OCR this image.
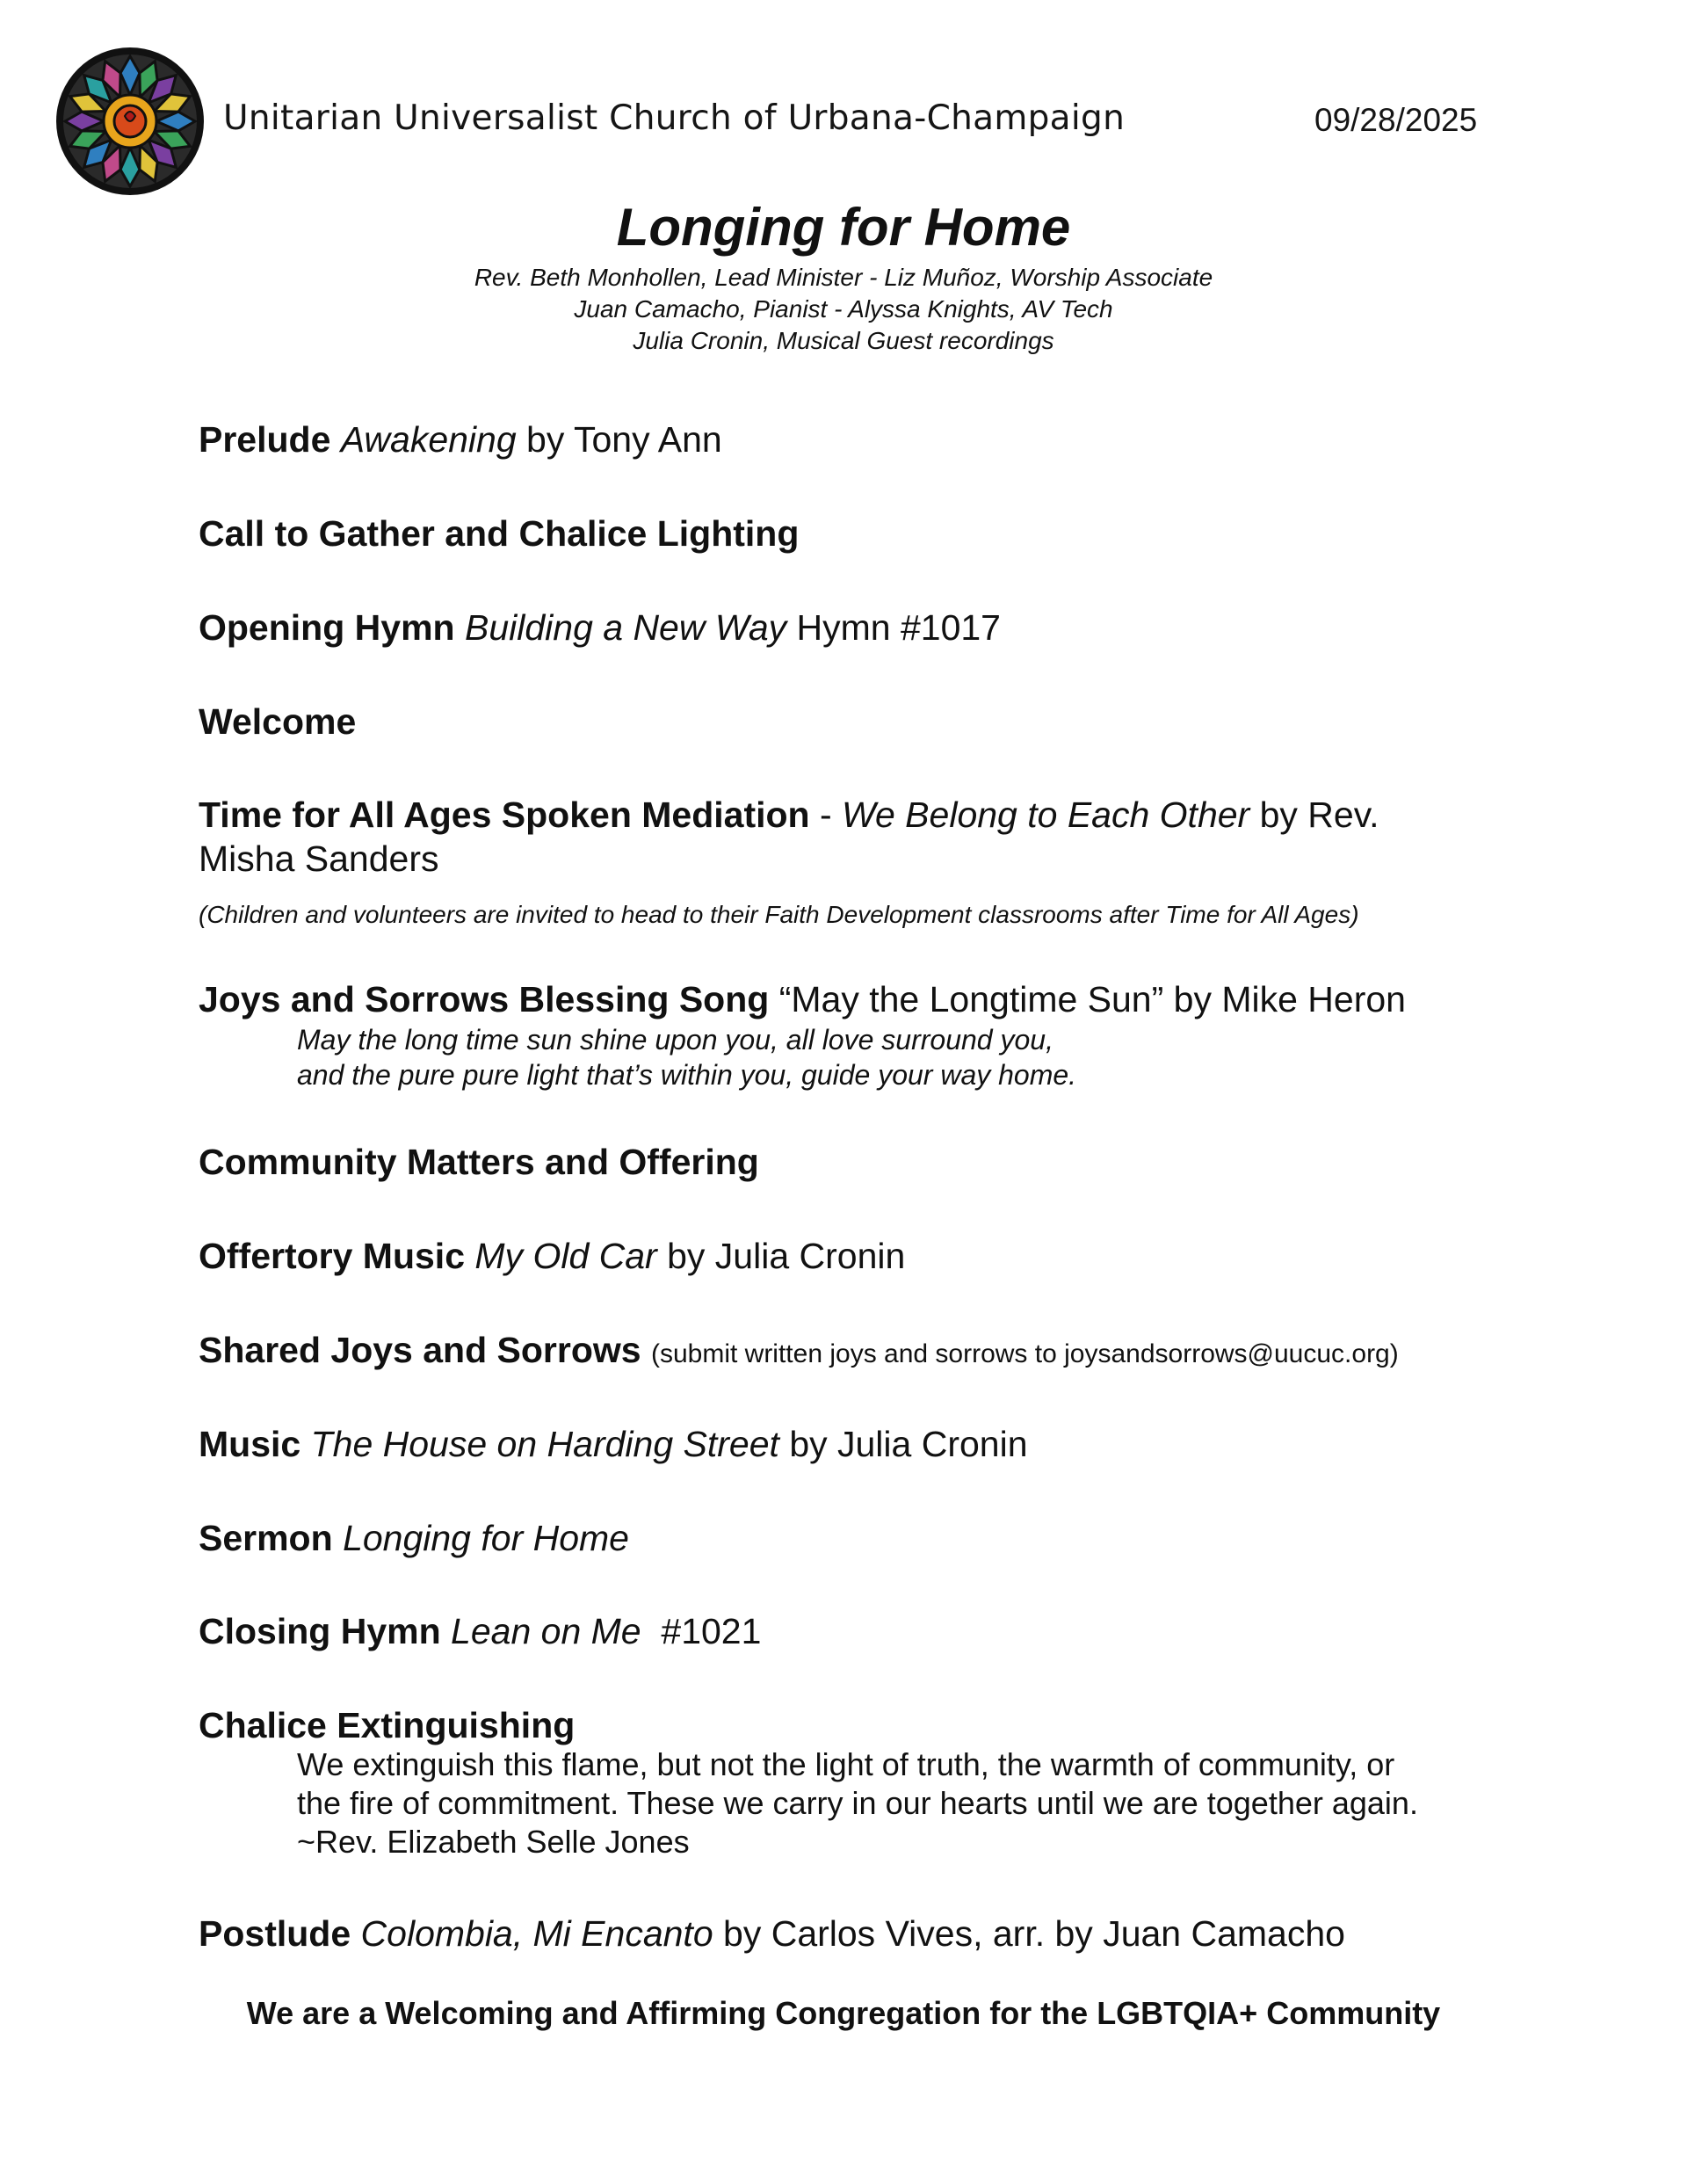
Unitarian Universalist Church of Urbana-Champaign	09/28/2025
Longing for Home
Rev. Beth Monhollen, Lead Minister - Liz Muñoz, Worship Associate
Juan Camacho, Pianist - Alyssa Knights, AV Tech
Julia Cronin, Musical Guest recordings
Prelude Awakening by Tony Ann
Call to Gather and Chalice Lighting
Opening Hymn Building a New Way Hymn #1017
Welcome
Time for All Ages Spoken Mediation - We Belong to Each Other by Rev. Misha Sanders
(Children and volunteers are invited to head to their Faith Development classrooms after Time for All Ages)
Joys and Sorrows Blessing Song “May the Longtime Sun” by Mike Heron
May the long time sun shine upon you, all love surround you,
and the pure pure light that’s within you, guide your way home.
Community Matters and Offering
Offertory Music My Old Car by Julia Cronin
Shared Joys and Sorrows (submit written joys and sorrows to joysandsorrows@uucuc.org)
Music The House on Harding Street by Julia Cronin
Sermon Longing for Home
Closing Hymn Lean on Me  #1021
Chalice Extinguishing
We extinguish this flame, but not the light of truth, the warmth of community, or
the fire of commitment. These we carry in our hearts until we are together again.
~Rev. Elizabeth Selle Jones
Postlude Colombia, Mi Encanto by Carlos Vives, arr. by Juan Camacho
We are a Welcoming and Affirming Congregation for the LGBTQIA+ Community
